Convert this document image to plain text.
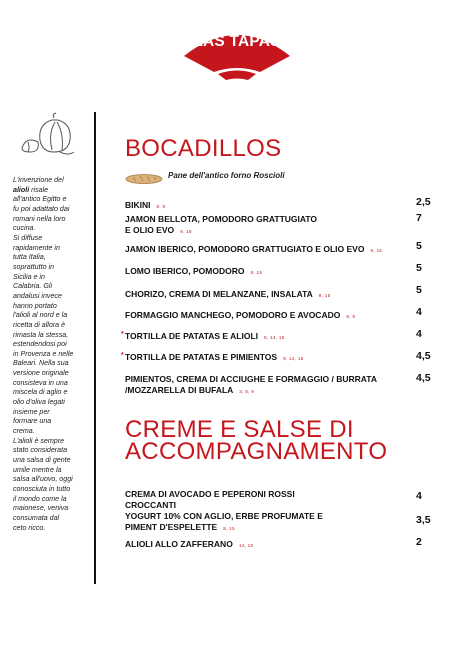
LAS TAPAS

L'invenzione del
alioli risale
all'antico Egitto e
fu poi adattato dai
romani nella loro
cucina.
Si diffuse
rapidamente in
tutta Italia,
soprattutto in
Sicilia e in
Calabria. Gli
andalusi invece
hanno portato
l'alioli al nord e la
ricetta di allora è
rimasta la stessa,
estendendosi poi
in Provenza e nelle
Baleari. Nella sua
versione originale
consisteva in una
miscela di aglio e
olio d'oliva legati
insieme per
formare una
crema.
L'alioli è sempre
stato considerata
una salsa di gente
umile mentre la
salsa all'uovo, oggi
conosciuta in tutto
il mondo come la
maionese, veniva
consumata dal
ceto ricco.

BOCADILLOS
Pane dell'antico forno Roscioli
BIKINI 8, 9	2,5
JAMON BELLOTA, POMODORO GRATTUGIATO
E OLIO EVO 9, 15
7
JAMON IBERICO, POMODORO GRATTUGIATO E OLIO EVO 9, 15	5
LOMO IBERICO, POMODORO 9, 15	5
CHORIZO, CREMA DI MELANZANE, INSALATA 9, 15	5
FORMAGGIO MANCHEGO, POMODORO E AVOCADO 8, 9	4
* TORTILLA DE PATATAS E ALIOLI 9, 14, 15	4
* TORTILLA DE PATATAS E PIMIENTOS 9, 14, 15	4,5
PIMIENTOS, CREMA DI ACCIUGHE E FORMAGGIO / BURRATA
/MOZZARELLA DI BUFALA 3, 8, 9
4,5
CREME E SALSE DI
ACCOMPAGNAMENTO
CREMA DI AVOCADO E PEPERONI ROSSI
CROCCANTI
4
YOGURT 10% CON AGLIO, ERBE PROFUMATE E
PIMENT D'ESPELETTE 8, 15
3,5
ALIOLI ALLO ZAFFERANO 14, 15	2
